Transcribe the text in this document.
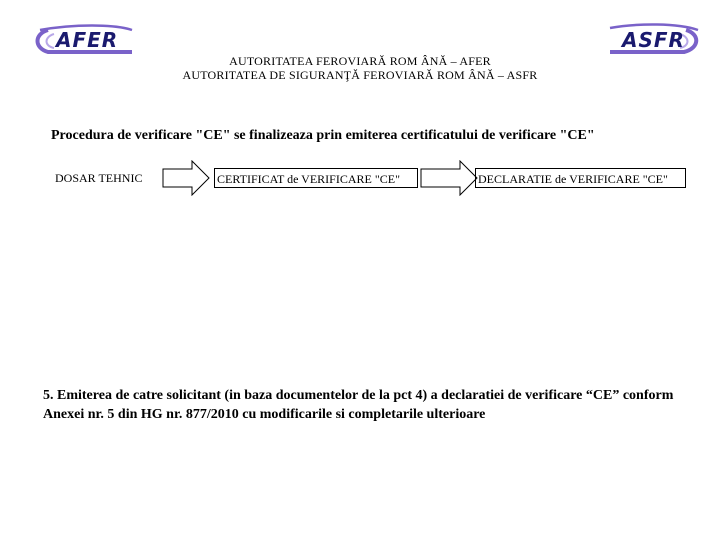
AFER	ASFR
AUTORITATEA FEROVIARĂ ROM ÂNĂ – AFER
AUTORITATEA DE SIGURANŢĂ FEROVIARĂ ROM ÂNĂ – ASFR
Procedura de verificare "CE" se finalizeaza prin emiterea certificatului de verificare "CE"
DOSAR TEHNIC	CERTIFICAT de VERIFICARE "CE"	DECLARATIE de VERIFICARE "CE"
5. Emiterea de catre solicitant (in baza documentelor de la pct 4) a declaratiei de verificare “CE” conform
Anexei nr. 5 din HG nr. 877/2010 cu modificarile si completarile ulterioare
